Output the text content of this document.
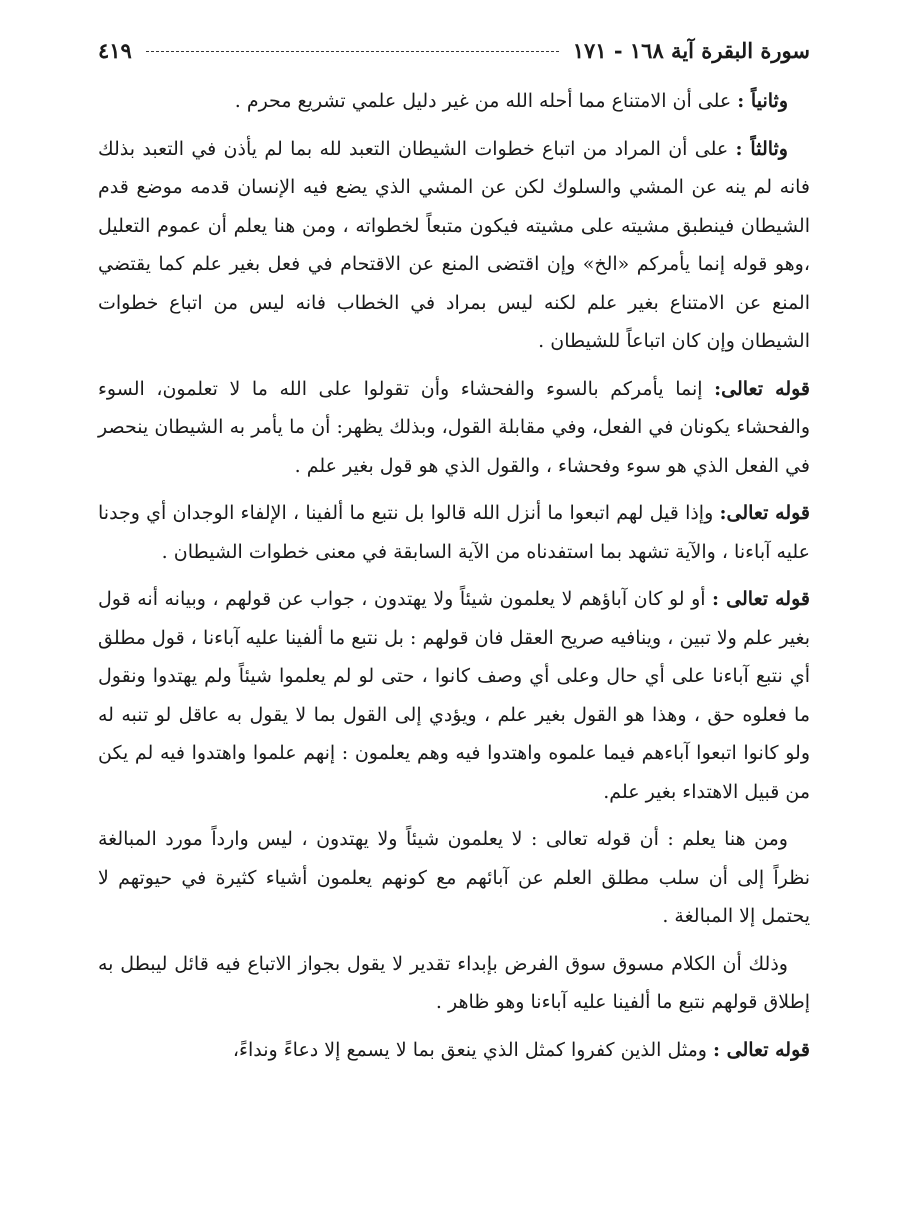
سورة البقرة آية ١٦٨ - ١٧١
٤١٩

وثانياً : على أن الامتناع مما أحله الله من غير دليل علمي تشريع محرم .

وثالثاً : على أن المراد من اتباع خطوات الشيطان التعبد لله بما لم يأذن في التعبد بذلك فانه لم ينه عن المشي والسلوك لكن عن المشي الذي يضع فيه الإنسان قدمه موضع قدم الشيطان فينطبق مشيته على مشيته فيكون متبعاً لخطواته ، ومن هنا يعلم أن عموم التعليل ،وهو قوله إنما يأمركم «الخ» وإن اقتضى المنع عن الاقتحام في فعل بغير علم كما يقتضي المنع عن الامتناع بغير علم لكنه ليس بمراد في الخطاب فانه ليس من اتباع خطوات الشيطان وإن كان اتباعاً للشيطان .

قوله تعالى: إنما يأمركم بالسوء والفحشاء وأن تقولوا على الله ما لا تعلمون، السوء والفحشاء يكونان في الفعل، وفي مقابلة القول، وبذلك يظهر: أن ما يأمر به الشيطان ينحصر في الفعل الذي هو سوء وفحشاء ، والقول الذي هو قول بغير علم .

قوله تعالى: وإذا قيل لهم اتبعوا ما أنزل الله قالوا بل نتبع ما ألفينا ، الإلفاء الوجدان أي وجدنا عليه آباءنا ، والآية تشهد بما استفدناه من الآية السابقة في معنى خطوات الشيطان .

قوله تعالى : أو لو كان آباؤهم لا يعلمون شيئاً ولا يهتدون ، جواب عن قولهم ، وبيانه أنه قول بغير علم ولا تبين ، وينافيه صريح العقل فان قولهم : بل نتبع ما ألفينا عليه آباءنا ، قول مطلق أي نتبع آباءنا على أي حال وعلى أي وصف كانوا ، حتى لو لم يعلموا شيئاً ولم يهتدوا ونقول ما فعلوه حق ، وهذا هو القول بغير علم ، ويؤدي إلى القول بما لا يقول به عاقل لو تنبه له ولو كانوا اتبعوا آباءهم فيما علموه واهتدوا فيه وهم يعلمون : إنهم علموا واهتدوا فيه لم يكن من قبيل الاهتداء بغير علم.

ومن هنا يعلم : أن قوله تعالى : لا يعلمون شيئاً ولا يهتدون ، ليس وارداً مورد المبالغة نظراً إلى أن سلب مطلق العلم عن آبائهم مع كونهم يعلمون أشياء كثيرة في حيوتهم لا يحتمل إلا المبالغة .

وذلك أن الكلام مسوق سوق الفرض بإبداء تقدير لا يقول بجواز الاتباع فيه قائل ليبطل به إطلاق قولهم نتبع ما ألفينا عليه آباءنا وهو ظاهر .

قوله تعالى : ومثل الذين كفروا كمثل الذي ينعق بما لا يسمع إلا دعاءً ونداءً،
